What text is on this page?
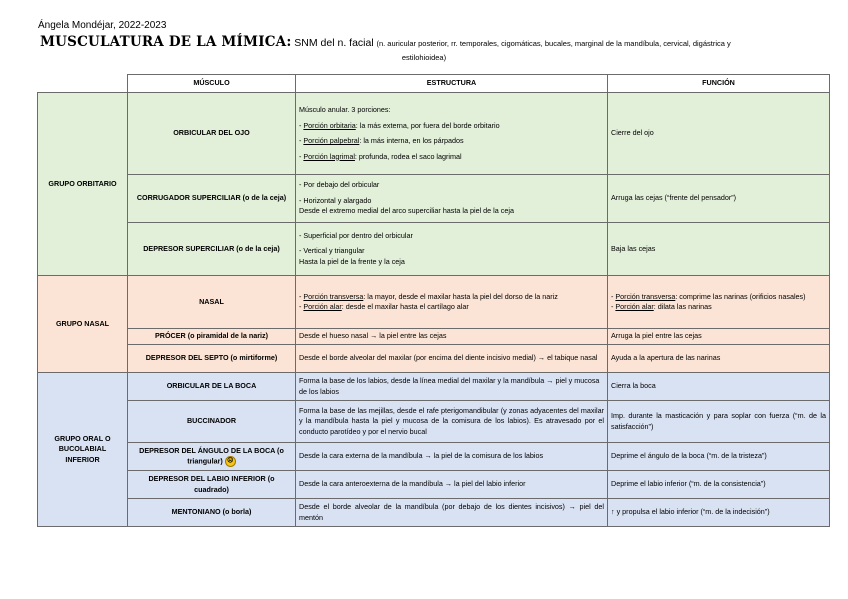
Ángela Mondéjar, 2022-2023
MUSCULATURA DE LA MÍMICA: SNM del n. facial (n. auricular posterior, rr. temporales, cigomáticas, bucales, marginal de la mandíbula, cervical, digástrica y
estilohioidea)
	MÚSCULO	ESTRUCTURA	FUNCIÓN
GRUPO ORBITARIO	ORBICULAR DEL OJO	Músculo anular. 3 porciones:
- Porción orbitaria: la más externa, por fuera del borde orbitario
- Porción palpebral: la más interna, en los párpados
- Porción lagrimal: profunda, rodea el saco lagrimal	Cierre del ojo
	CORRUGADOR SUPERCILIAR (o de la ceja)	- Por debajo del orbicular
- Horizontal y alargado
Desde el extremo medial del arco superciliar hasta la piel de la ceja	Arruga las cejas (“frente del pensador”)
	DEPRESOR SUPERCILIAR (o de la ceja)	- Superficial por dentro del orbicular
- Vertical y triangular
Hasta la piel de la frente y la ceja	Baja las cejas
GRUPO NASAL	NASAL	- Porción transversa: la mayor, desde el maxilar hasta la piel del dorso de la nariz
- Porción alar: desde el maxilar hasta el cartílago alar	- Porción transversa: comprime las narinas (orificios nasales)
- Porción alar: dilata las narinas

	PRÓCER (o piramidal de la nariz)	Desde el hueso nasal → la piel entre las cejas	Arruga la piel entre las cejas
	DEPRESOR DEL SEPTO (o mirtiforme)	Desde el borde alveolar del maxilar (por encima del diente incisivo medial) → el tabique nasal	Ayuda a la apertura de las narinas
GRUPO ORAL O BUCOLABIAL INFERIOR	ORBICULAR DE LA BOCA	Forma la base de los labios, desde la línea medial del maxilar y la mandíbula → piel y mucosa de los labios	Cierra la boca
	BUCCINADOR	Forma la base de las mejillas, desde el rafe pterigomandibular (y zonas adyacentes del maxilar y la mandíbula hasta la piel y mucosa de la comisura de los labios). Es atravesado por el conducto parotídeo y por el nervio bucal	Imp. durante la masticación y para soplar con fuerza (“m. de la satisfacción”)
	DEPRESOR DEL ÁNGULO DE LA BOCA (o triangular) ☹	Desde la cara externa de la mandíbula → la piel de la comisura de los labios	Deprime el ángulo de la boca (“m. de la tristeza”)
	DEPRESOR DEL LABIO INFERIOR (o cuadrado)	Desde la cara anteroexterna de la mandíbula → la piel del labio inferior	Deprime el labio inferior (“m. de la consistencia”)
	MENTONIANO (o borla)	Desde el borde alveolar de la mandíbula (por debajo de los dientes incisivos) → piel del mentón	↑ y propulsa el labio inferior (“m. de la indecisión”)
